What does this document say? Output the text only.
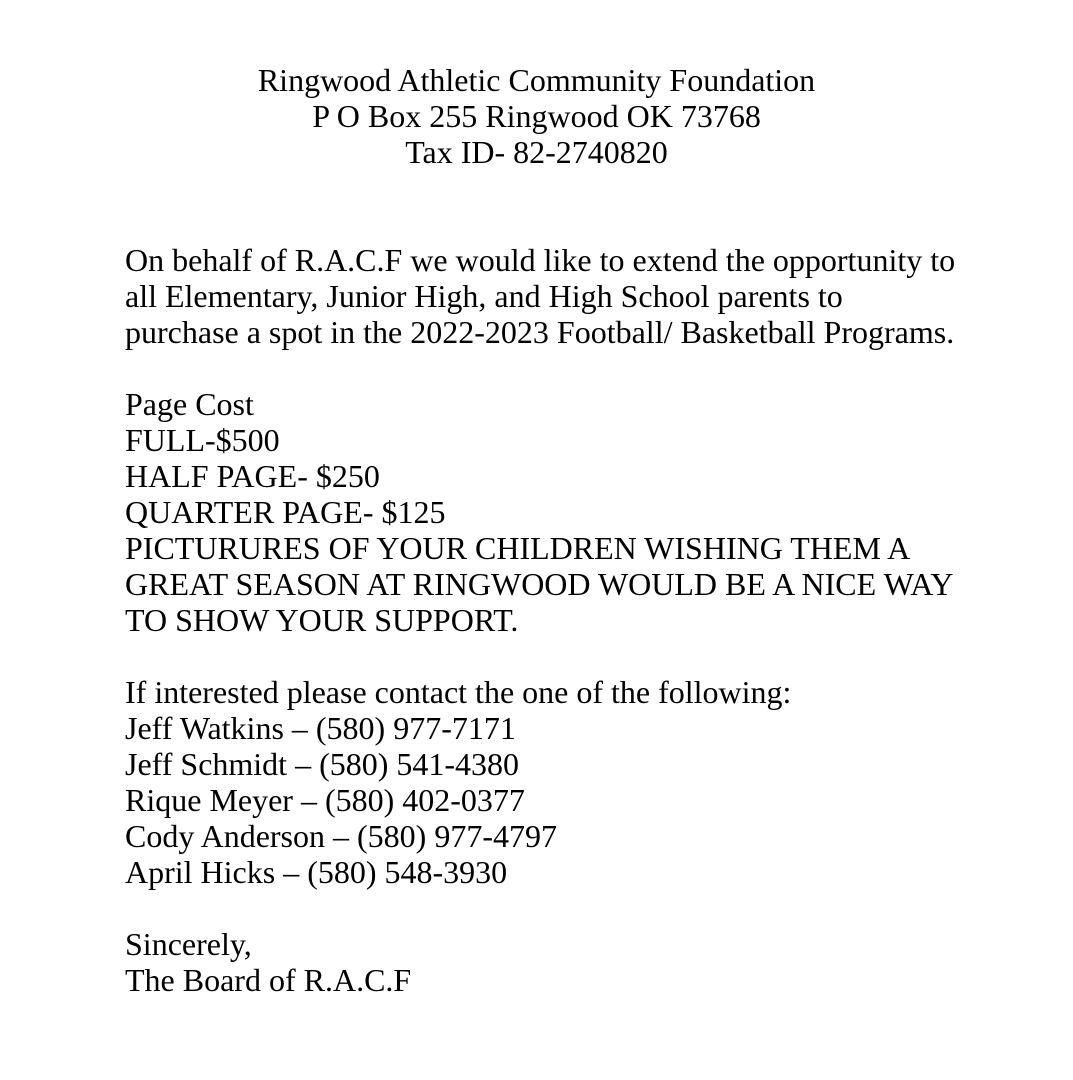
Ringwood Athletic Community Foundation
P O Box 255 Ringwood OK 73768
Tax ID- 82-2740820
On behalf of R.A.C.F we would like to extend the opportunity to
all Elementary, Junior High, and High School parents to
purchase a spot in the 2022-2023 Football/ Basketball Programs.
Page Cost
FULL-$500
HALF PAGE- $250
QUARTER PAGE- $125
PICTURURES OF YOUR CHILDREN WISHING THEM A
GREAT SEASON AT RINGWOOD WOULD BE A NICE WAY
TO SHOW YOUR SUPPORT.
If interested please contact the one of the following:
Jeff Watkins – (580) 977-7171
Jeff Schmidt – (580) 541-4380
Rique Meyer – (580) 402-0377
Cody Anderson – (580) 977-4797
April Hicks – (580) 548-3930
Sincerely,
The Board of R.A.C.F
